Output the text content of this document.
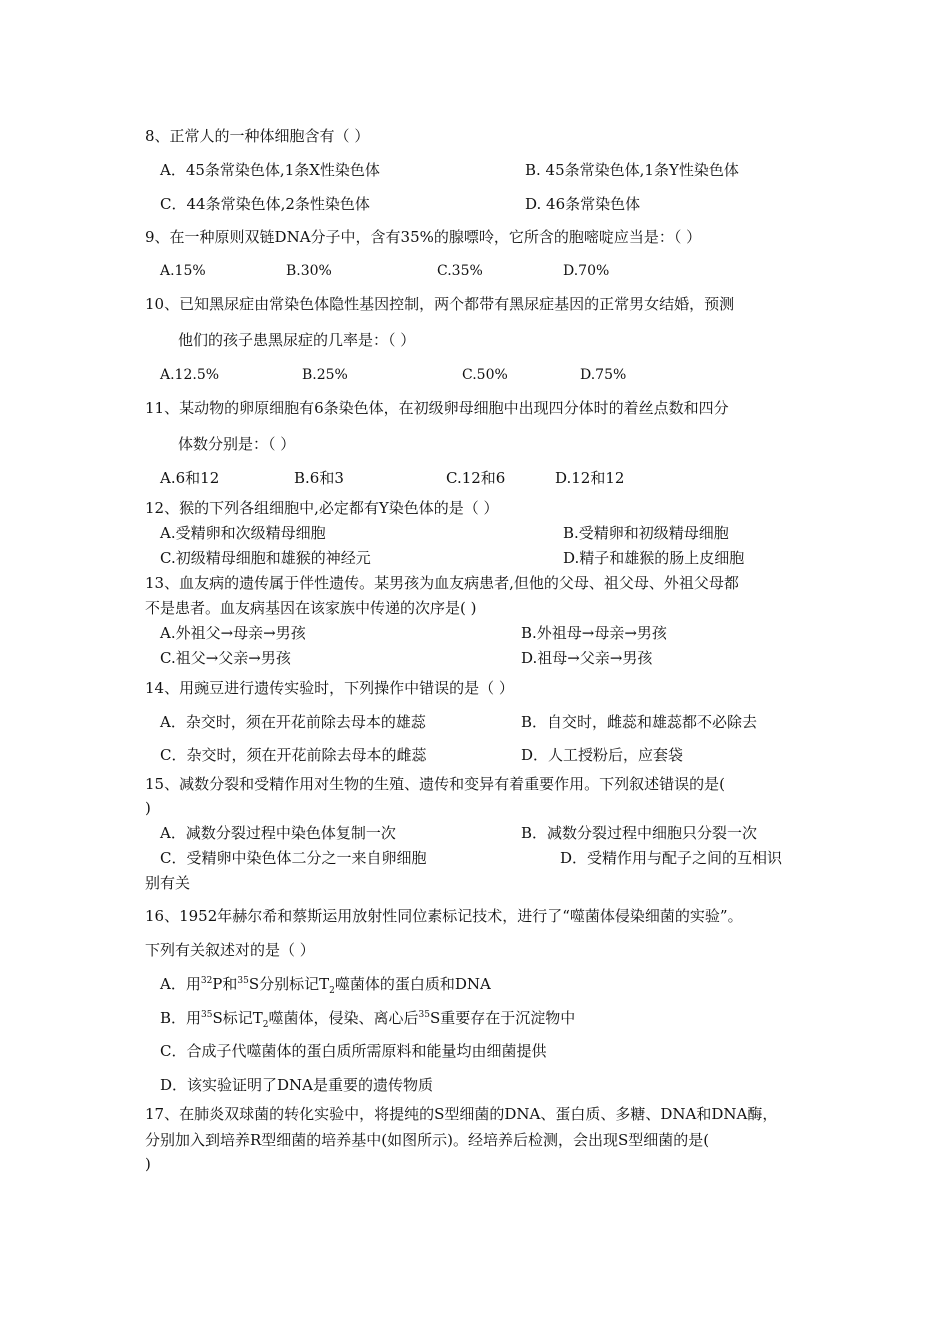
8、正常人的一种体细胞含有（ ）
A．45条常染色体,1条X性染色体	B. 45条常染色体,1条Y性染色体
C．44条常染色体,2条性染色体	D. 46条常染色体
9、在一种原则双链DNA分子中，含有35%的腺嘌呤，它所含的胞嘧啶应当是：（ ）
A.15%	B.30%	C.35%	D.70%
10、已知黑尿症由常染色体隐性基因控制，两个都带有黑尿症基因的正常男女结婚，预测
他们的孩子患黑尿症的几率是：（ ）
A.12.5%	B.25%	C.50%	D.75%
11、某动物的卵原细胞有6条染色体，在初级卵母细胞中出现四分体时的着丝点数和四分
体数分别是：（ ）
A.6和12	B.6和3	C.12和6	D.12和12
12、猴的下列各组细胞中,必定都有Y染色体的是（ ）
A.受精卵和次级精母细胞	B.受精卵和初级精母细胞
C.初级精母细胞和雄猴的神经元	D.精子和雄猴的肠上皮细胞
13、血友病的遗传属于伴性遗传。某男孩为血友病患者,但他的父母、祖父母、外祖父母都
不是患者。血友病基因在该家族中传递的次序是( )
A.外祖父→母亲→男孩	B.外祖母→母亲→男孩
C.祖父→父亲→男孩	D.祖母→父亲→男孩
14、用豌豆进行遗传实验时，下列操作中错误的是（ ）
A．杂交时，须在开花前除去母本的雄蕊	B．自交时，雌蕊和雄蕊都不必除去
C．杂交时，须在开花前除去母本的雌蕊	D．人工授粉后，应套袋
15、减数分裂和受精作用对生物的生殖、遗传和变异有着重要作用。下列叙述错误的是(
)
A．减数分裂过程中染色体复制一次	B．减数分裂过程中细胞只分裂一次
C．受精卵中染色体二分之一来自卵细胞	D．受精作用与配子之间的互相识
别有关
16、1952年赫尔希和蔡斯运用放射性同位素标记技术，进行了“噬菌体侵染细菌的实验”。
下列有关叙述对的是（ ）
A．用$^{32}$P和$^{35}$S分别标记$T_2$噬菌体的蛋白质和DNA
B．用$^{35}$S标记$T_2$噬菌体，侵染、离心后$^{35}$S重要存在于沉淀物中
C．合成子代噬菌体的蛋白质所需原料和能量均由细菌提供
D．该实验证明了DNA是重要的遗传物质
17、在肺炎双球菌的转化实验中，将提纯的S型细菌的DNA、蛋白质、多糖、DNA和DNA酶，
分别加入到培养R型细菌的培养基中(如图所示)。经培养后检测，会出现S型细菌的是(
)
